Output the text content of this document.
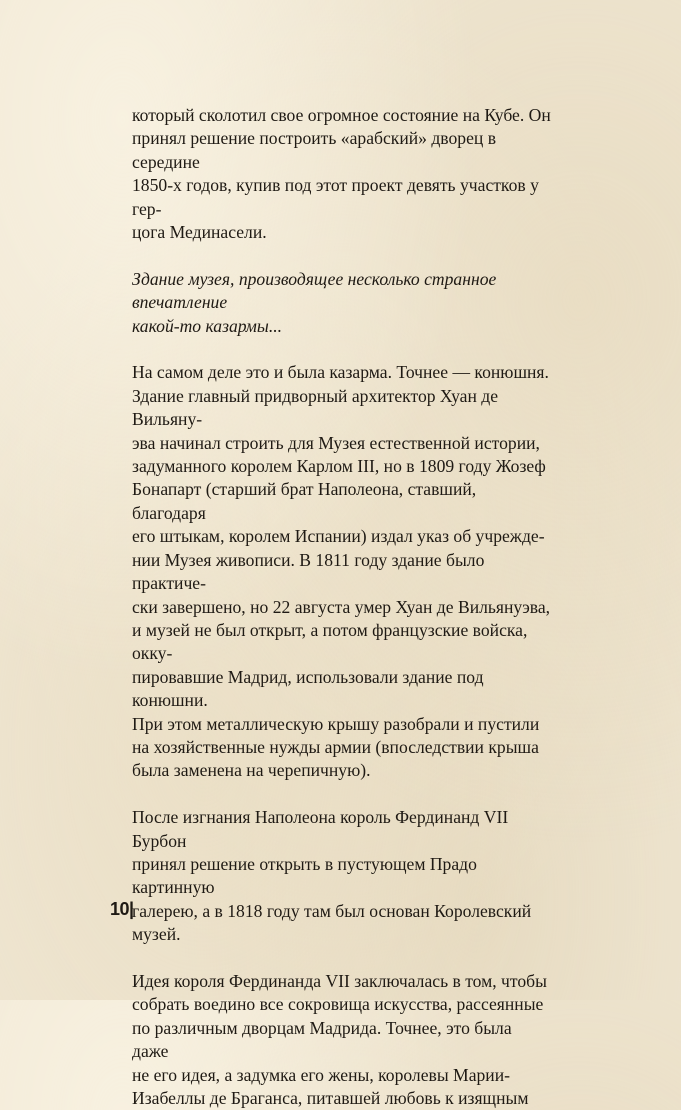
который сколотил свое огромное состояние на Кубе. Он
принял решение построить «арабский» дворец в середине
1850-х годов, купив под этот проект девять участков у гер-
цога Мединасели.

Здание музея, производящее несколько странное впечатление
какой-то казармы...

На самом деле это и была казарма. Точнее — конюшня.
Здание главный придворный архитектор Хуан де Вильяну-
эва начинал строить для Музея естественной истории,
задуманного королем Карлом III, но в 1809 году Жозеф
Бонапарт (старший брат Наполеона, ставший, благодаря
его штыкам, королем Испании) издал указ об учрежде-
нии Музея живописи. В 1811 году здание было практиче-
ски завершено, но 22 августа умер Хуан де Вильянуэва,
и музей не был открыт, а потом французские войска, окку-
пировавшие Мадрид, использовали здание под конюшни.
При этом металлическую крышу разобрали и пустили
на хозяйственные нужды армии (впоследствии крыша
была заменена на черепичную).

После изгнания Наполеона король Фердинанд VII Бурбон
принял решение открыть в пустующем Прадо картинную
галерею, а в 1818 году там был основан Королевский
музей.

Идея короля Фердинанда VII заключалась в том, чтобы
собрать воедино все сокровища искусства, рассеянные
по различным дворцам Мадрида. Точнее, это была даже
не его идея, а задумка его жены, королевы Марии-
Изабеллы де Браганса, питавшей любовь к изящным

10|
